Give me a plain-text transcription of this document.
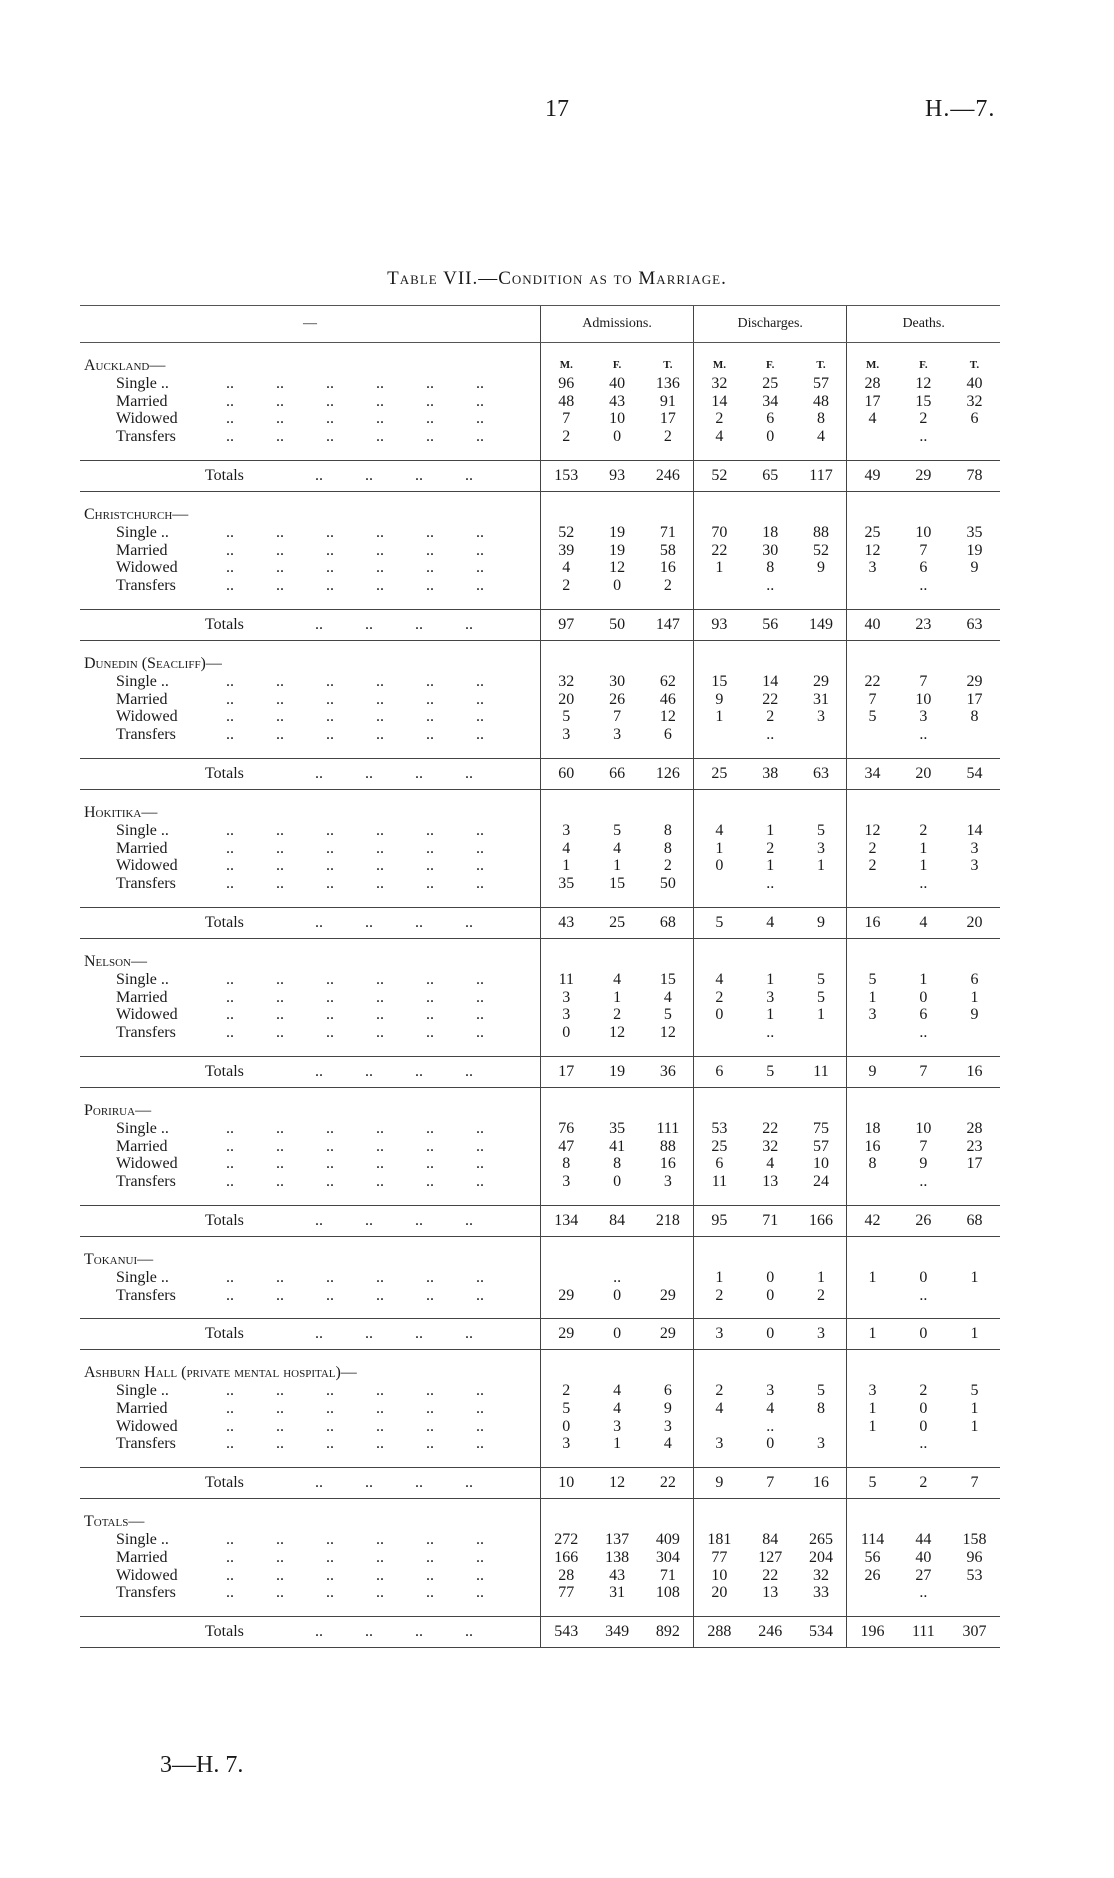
17	H.—7.
Table VII.—Condition as to Marriage.
—	Admissions.			Discharges.			Deaths.		

Auckland—	M.	F.	T.	M.	F.	T.	M.	F.	T.
Single .. .. .. .. .. .. ..	96	40	136	32	25	57	28	12	40
Married .. .. .. .. .. ..	48	43	91	14	34	48	17	15	32
Widowed .. .. .. .. .. ..	7	10	17	2	6	8	4	2	6
Transfers .. .. .. .. .. ..	2	0	2	4	0	4		..	

Totals .. .. .. ..	153	93	246	52	65	117	49	29	78

Christchurch—									
Single .. .. .. .. .. .. ..	52	19	71	70	18	88	25	10	35
Married .. .. .. .. .. ..	39	19	58	22	30	52	12	7	19
Widowed .. .. .. .. .. ..	4	12	16	1	8	9	3	6	9
Transfers .. .. .. .. .. ..	2	0	2		..			..	

Totals .. .. .. ..	97	50	147	93	56	149	40	23	63

Dunedin (Seacliff)—									
Single .. .. .. .. .. .. ..	32	30	62	15	14	29	22	7	29
Married .. .. .. .. .. ..	20	26	46	9	22	31	7	10	17
Widowed .. .. .. .. .. ..	5	7	12	1	2	3	5	3	8
Transfers .. .. .. .. .. ..	3	3	6		..			..	

Totals .. .. .. ..	60	66	126	25	38	63	34	20	54

Hokitika—									
Single .. .. .. .. .. .. ..	3	5	8	4	1	5	12	2	14
Married .. .. .. .. .. ..	4	4	8	1	2	3	2	1	3
Widowed .. .. .. .. .. ..	1	1	2	0	1	1	2	1	3
Transfers .. .. .. .. .. ..	35	15	50		..			..	

Totals .. .. .. ..	43	25	68	5	4	9	16	4	20

Nelson—									
Single .. .. .. .. .. .. ..	11	4	15	4	1	5	5	1	6
Married .. .. .. .. .. ..	3	1	4	2	3	5	1	0	1
Widowed .. .. .. .. .. ..	3	2	5	0	1	1	3	6	9
Transfers .. .. .. .. .. ..	0	12	12		..			..	

Totals .. .. .. ..	17	19	36	6	5	11	9	7	16

Porirua—									
Single .. .. .. .. .. .. ..	76	35	111	53	22	75	18	10	28
Married .. .. .. .. .. ..	47	41	88	25	32	57	16	7	23
Widowed .. .. .. .. .. ..	8	8	16	6	4	10	8	9	17
Transfers .. .. .. .. .. ..	3	0	3	11	13	24		..	

Totals .. .. .. ..	134	84	218	95	71	166	42	26	68

Tokanui—									
Single .. .. .. .. .. .. ..		..		1	0	1	1	0	1
Transfers .. .. .. .. .. ..	29	0	29	2	0	2		..	

Totals .. .. .. ..	29	0	29	3	0	3	1	0	1

Ashburn Hall (private mental hospital)—									
Single .. .. .. .. .. .. ..	2	4	6	2	3	5	3	2	5
Married .. .. .. .. .. ..	5	4	9	4	4	8	1	0	1
Widowed .. .. .. .. .. ..	0	3	3		..		1	0	1
Transfers .. .. .. .. .. ..	3	1	4	3	0	3		..	

Totals .. .. .. ..	10	12	22	9	7	16	5	2	7

Totals—									
Single .. .. .. .. .. .. ..	272	137	409	181	84	265	114	44	158
Married .. .. .. .. .. ..	166	138	304	77	127	204	56	40	96
Widowed .. .. .. .. .. ..	28	43	71	10	22	32	26	27	53
Transfers .. .. .. .. .. ..	77	31	108	20	13	33		..	

Totals .. .. .. ..	543	349	892	288	246	534	196	111	307
3—H. 7.
